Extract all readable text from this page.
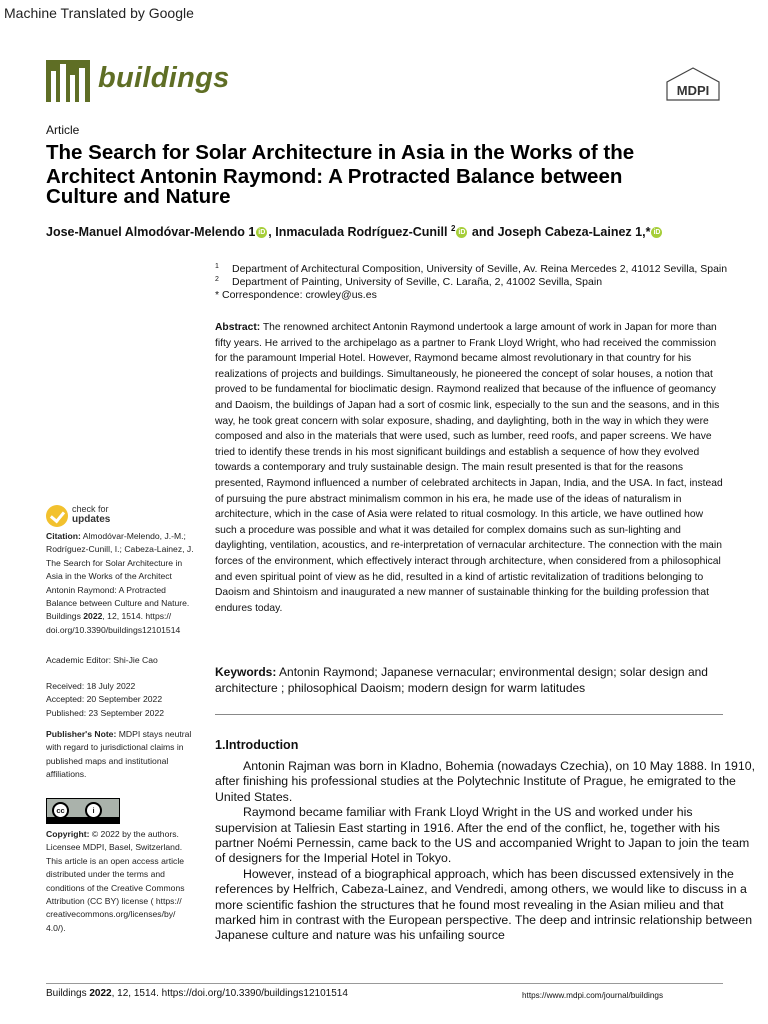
Machine Translated by Google
buildings	MDPI
Article
The Search for Solar Architecture in Asia in the Works of the
Architect Antonin Raymond: A Protracted Balance between
Culture and Nature
Jose-Manuel Almodóvar-Melendo 1 iD , Inmaculada Rodríguez-Cunill $^2$ iD and Joseph Cabeza-Lainez 1,* iD
1 Department of Architectural Composition, University of Seville, Av. Reina Mercedes 2, 41012 Sevilla, Spain
2 Department of Painting, University of Seville, C. Laraña, 2, 41002 Sevilla, Spain
* Correspondence: crowley@us.es
Abstract: The renowned architect Antonin Raymond undertook a large amount of work in Japan for more than fifty years. He arrived to the archipelago as a partner to Frank Lloyd Wright, who had received the commission for the paramount Imperial Hotel. However, Raymond became almost revolutionary in that country for his realizations of projects and buildings. Simultaneously, he pioneered the concept of solar houses, a notion that proved to be fundamental for bioclimatic design. Raymond realized that because of the influence of geomancy and Daoism, the buildings of Japan had a sort of cosmic link, especially to the sun and the seasons, and in this way, he took great concern with solar exposure, shading, and daylighting, both in the way in which they were composed and also in the materials that were used, such as lumber, reed roofs, and paper screens. We have tried to identify these trends in his most significant buildings and establish a sequence of how they evolved towards a contemporary and truly sustainable design. The main result presented is that for the reasons presented, Raymond influenced a number of celebrated architects in Japan, India, and the USA. In fact, instead of pursuing the pure abstract minimalism common in his era, he made use of the ideas of naturalism in architecture, which in the case of Asia were related to ritual cosmology. In this article, we have outlined how such a procedure was possible and what it was detailed for complex domains such as sun-lighting and daylighting, ventilation, acoustics, and re-interpretation of vernacular architecture. The connection with the main forces of the environment, which effectively interact through architecture, when considered from a philosophical and even spiritual point of view as he did, resulted in a kind of artistic revitalization of traditions belonging to Daoism and Shintoism and inaugurated a new manner of sustainable thinking for the building profession that endures today.
Keywords: Antonin Raymond; Japanese vernacular; environmental design; solar design and architecture ; philosophical Daoism; modern design for warm latitudes
1.Introduction

Antonin Rajman was born in Kladno, Bohemia (nowadays Czechia), on 10 May 1888. In 1910, after finishing his professional studies at the Polytechnic Institute of Prague, he emigrated to the United States.

Raymond became familiar with Frank Lloyd Wright in the US and worked under his supervision at Taliesin East starting in 1916. After the end of the conflict, he, together with his partner Noémi Pernessin, came back to the US and accompanied Wright to Japan to join the team of designers for the Imperial Hotel in Tokyo.

However, instead of a biographical approach, which has been discussed extensively in the references by Helfrich, Cabeza-Lainez, and Vendredi, among others, we would like to discuss in a more scientific fashion the structures that he found most revealing in the Asian milieu and that marked him in contrast with the European perspective. The deep and intrinsic relationship between Japanese culture and nature was his unfailing source

check for
updates
Citation: Almodóvar-Melendo, J.-M.; Rodríguez-Cunill, I.; Cabeza-Lainez, J. The Search for Solar Architecture in Asia in the Works of the Architect Antonin Raymond: A Protracted Balance between Culture and Nature. Buildings 2022, 12, 1514. https:// doi.org/10.3390/buildings12101514
Academic Editor: Shi-Jie Cao
Received: 18 July 2022
Accepted: 20 September 2022
Published: 23 September 2022
Publisher's Note: MDPI stays neutral with regard to jurisdictional claims in published maps and institutional affiliations.
cc	i
Copyright: © 2022 by the authors. Licensee MDPI, Basel, Switzerland. This article is an open access article distributed under the terms and conditions of the Creative Commons Attribution (CC BY) license ( https:// creativecommons.org/licenses/by/ 4.0/).
Buildings 2022, 12, 1514. https://doi.org/10.3390/buildings12101514	https://www.mdpi.com/journal/buildings
